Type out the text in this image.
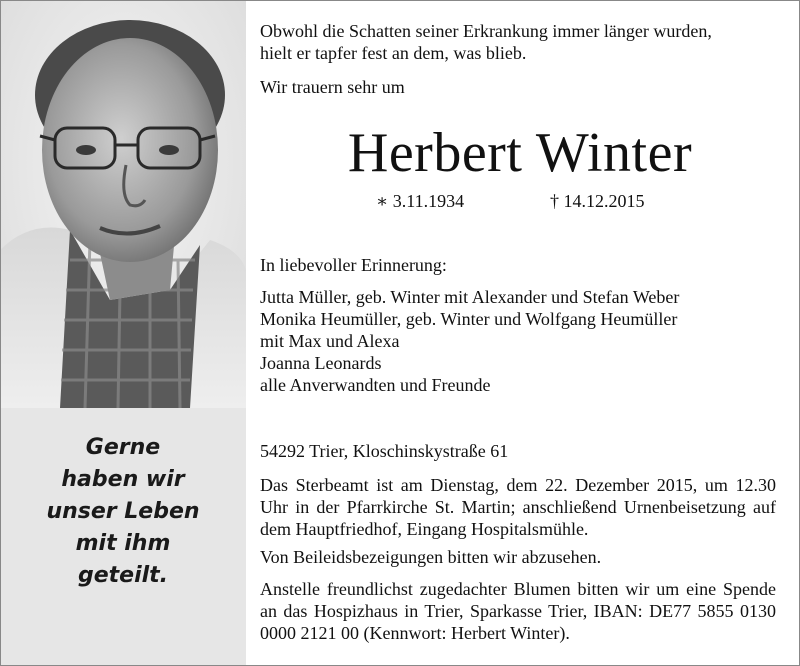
Gerne
haben wir
unser Leben
mit ihm
geteilt.
Obwohl die Schatten seiner Erkrankung immer länger wurden,
hielt er tapfer fest an dem, was blieb.
Wir trauern sehr um
Herbert Winter
∗ 3.11.1934	† 14.12.2015
In liebevoller Erinnerung:
Jutta Müller, geb. Winter mit Alexander und Stefan Weber
Monika Heumüller, geb. Winter und Wolfgang Heumüller
mit Max und Alexa
Joanna Leonards
alle Anverwandten und Freunde
54292 Trier, Kloschinskystraße 61
Das Sterbeamt ist am Dienstag, dem 22. Dezember 2015, um 12.30 Uhr in der Pfarrkirche St. Martin; anschließend Urnenbeisetzung auf dem Hauptfriedhof, Eingang Hospitalsmühle.
Von Beileidsbezeigungen bitten wir abzusehen.
Anstelle freundlichst zugedachter Blumen bitten wir um eine Spende an das Hospizhaus in Trier, Sparkasse Trier, IBAN: DE77 5855 0130 0000 2121 00 (Kennwort: Herbert Winter).
